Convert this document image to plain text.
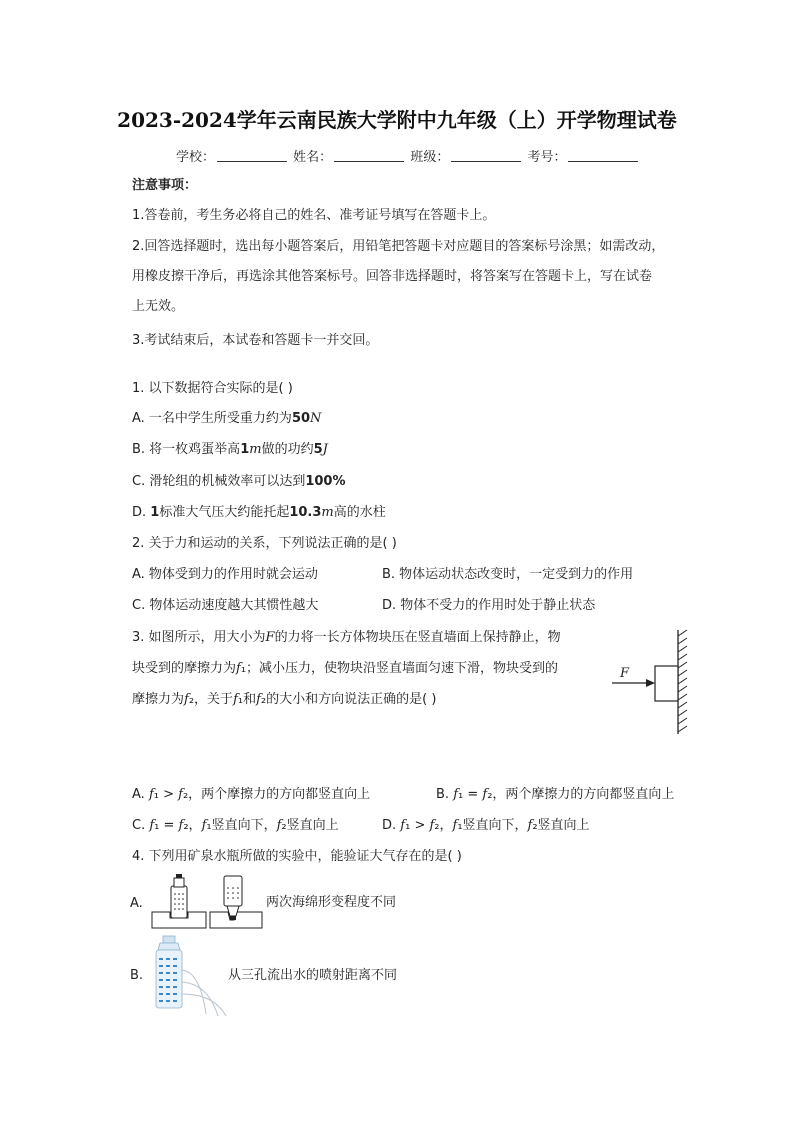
2023-2024学年云南民族大学附中九年级（上）开学物理试卷
学校：	姓名：	班级：	考号：
注意事项：
1.答卷前，考生务必将自己的姓名、准考证号填写在答题卡上。
2.回答选择题时，选出每小题答案后，用铅笔把答题卡对应题目的答案标号涂黑；如需改动，
用橡皮擦干净后，再选涂其他答案标号。回答非选择题时，将答案写在答题卡上，写在试卷
上无效。
3.考试结束后，本试卷和答题卡一并交回。
1. 以下数据符合实际的是( )
A. 一名中学生所受重力约为50N
B. 将一枚鸡蛋举高1m做的功约5J
C. 滑轮组的机械效率可以达到100%
D. 1标准大气压大约能托起10.3m高的水柱
2. 关于力和运动的关系，下列说法正确的是( )
A. 物体受到力的作用时就会运动	B. 物体运动状态改变时，一定受到力的作用
C. 物体运动速度越大其惯性越大	D. 物体不受力的作用时处于静止状态
3. 如图所示，用大小为F的力将一长方体物块压在竖直墙面上保持静止，物
块受到的摩擦力为f₁；减小压力，使物块沿竖直墙面匀速下滑，物块受到的
摩擦力为f₂，关于f₁和f₂的大小和方向说法正确的是( )
F
A. f₁ > f₂，两个摩擦力的方向都竖直向上	B. f₁ = f₂，两个摩擦力的方向都竖直向上
C. f₁ = f₂，f₁竖直向下，f₂竖直向上	D. f₁ > f₂，f₁竖直向下，f₂竖直向上
4. 下列用矿泉水瓶所做的实验中，能验证大气存在的是( )
A.	两次海绵形变程度不同
B.	从三孔流出水的喷射距离不同
